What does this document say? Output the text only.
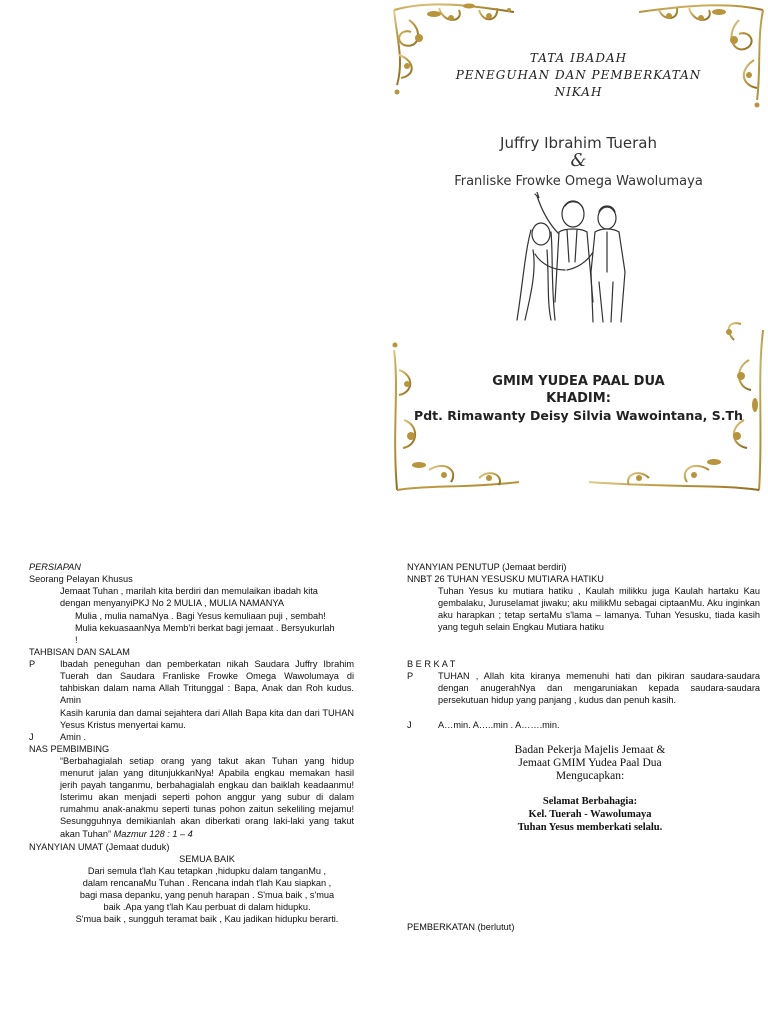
TATA IBADAH
PENEGUHAN DAN PEMBERKATAN
NIKAH
Juffry Ibrahim Tuerah
&
Franliske Frowke Omega Wawolumaya
GMIM YUDEA PAAL DUA
KHADIM:
Pdt. Rimawanty Deisy Silvia Wawointana, S.Th
PERSIAPAN
Seorang Pelayan Khusus
Jemaat Tuhan , marilah kita berdiri dan memulaikan ibadah kita
dengan menyanyiPKJ No 2 MULIA , MULIA NAMANYA
Mulia , mulia namaNya . Bagi Yesus kemuliaan puji , sembah!
Mulia kekuasaanNya Memb'ri berkat bagi jemaat . Bersyukurlah
!
TAHBISAN DAN SALAM
P	Ibadah peneguhan dan pemberkatan nikah Saudara Juffry Ibrahim Tuerah dan Saudara Franliske Frowke Omega Wawolumaya di tahbiskan dalam nama Allah Tritunggal : Bapa, Anak dan Roh kudus. Amin
Kasih karunia dan damai sejahtera dari Allah Bapa kita dan dari TUHAN Yesus Kristus menyertai kamu.
J	Amin .
NAS PEMBIMBING
“Berbahagialah setiap orang yang takut akan Tuhan yang hidup menurut jalan yang ditunjukkanNya! Apabila engkau memakan hasil jerih payah tanganmu, berbahagialah engkau dan baiklah keadaanmu! Isterimu akan menjadi seperti pohon anggur yang subur di dalam rumahmu anak-anakmu seperti tunas pohon zaitun sekeliling mejamu! Sesungguhnya demikianlah akan diberkati orang laki-laki yang takut akan Tuhan” Mazmur 128 : 1 – 4
NYANYIAN UMAT (Jemaat duduk)
SEMUA BAIK
Dari semula t'lah Kau tetapkan ,hidupku dalam tanganMu ,
dalam rencanaMu Tuhan . Rencana indah t'lah Kau siapkan ,
bagi masa depanku, yang penuh harapan . S'mua baik , s'mua
baik .Apa yang t'lah Kau perbuat di dalam hidupku.
S'mua baik , sungguh teramat baik , Kau jadikan hidupku berarti.
NYANYIAN PENUTUP (Jemaat berdiri)
NNBT 26 TUHAN YESUSKU MUTIARA HATIKU
Tuhan Yesus ku mutiara hatiku , Kaulah milikku juga Kaulah hartaku Kau gembalaku, Juruselamat jiwaku; aku milikMu sebagai ciptaanMu. Aku inginkan aku harapkan ; tetap sertaMu s'lama – lamanya. Tuhan Yesusku, tiada kasih yang teguh selain Engkau Mutiara hatiku
B E R K A T
P	TUHAN , Allah kita kiranya memenuhi hati dan pikiran saudara-saudara dengan anugerahNya dan mengaruniakan kepada saudara-saudara persekutuan hidup yang panjang , kudus dan penuh kasih.
J	A…min. A…..min . A…….min.
Badan Pekerja Majelis Jemaat &
Jemaat GMIM Yudea Paal Dua
Mengucapkan:
Selamat Berbahagia:
Kel. Tuerah - Wawolumaya
Tuhan Yesus memberkati selalu.
PEMBERKATAN (berlutut)
